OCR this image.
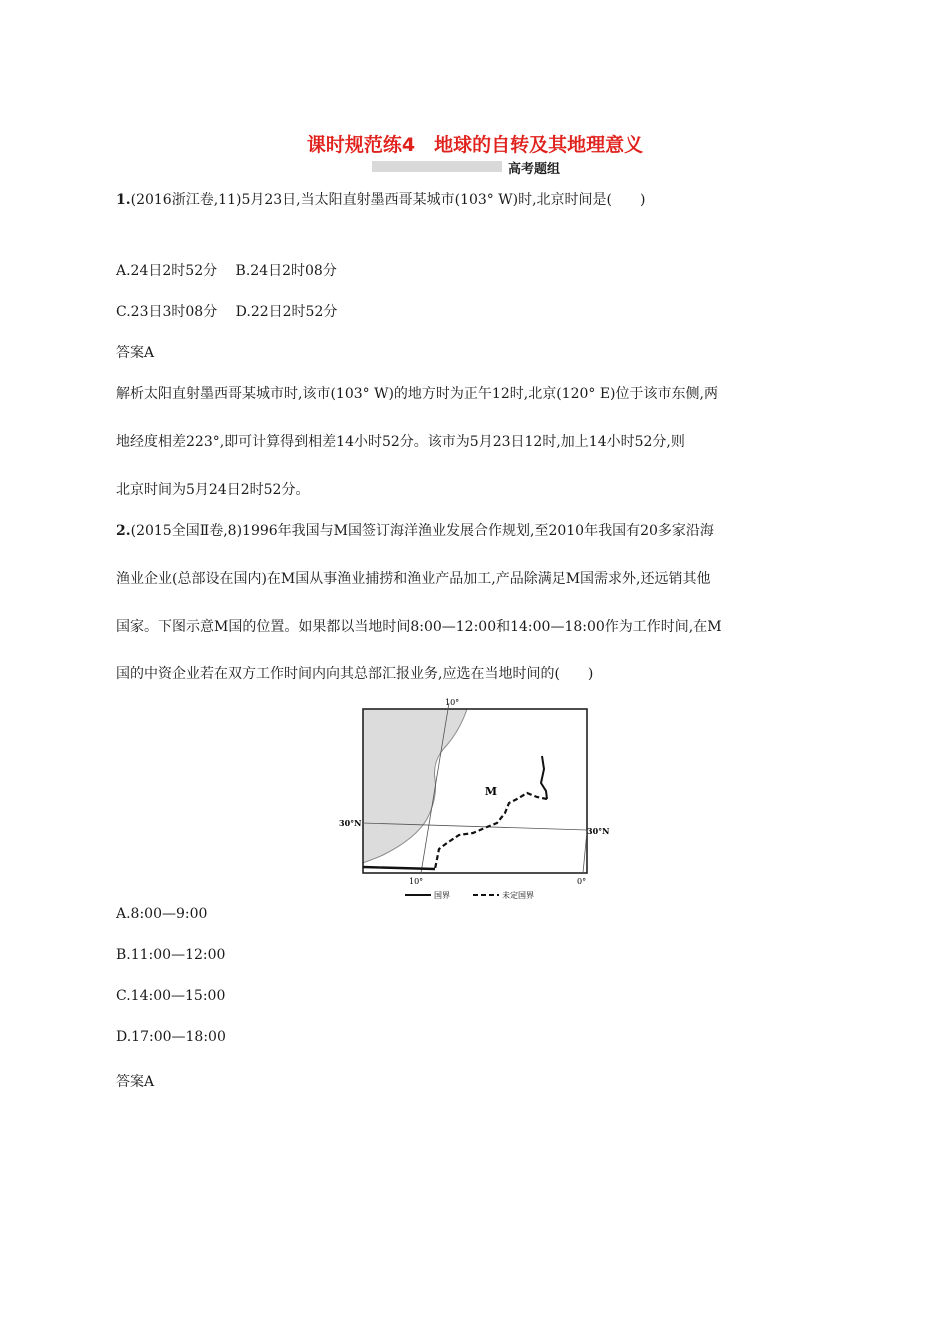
课时规范练4　地球的自转及其地理意义
高考题组
1.(2016浙江卷,11)5月23日,当太阳直射墨西哥某城市(103° W)时,北京时间是(　　)
A.24日2时52分　 B.24日2时08分
C.23日3时08分　 D.22日2时52分
答案A
解析太阳直射墨西哥某城市时,该市(103° W)的地方时为正午12时,北京(120° E)位于该市东侧,两
地经度相差223°,即可计算得到相差14小时52分。该市为5月23日12时,加上14小时52分,则
北京时间为5月24日2时52分。
2.(2015全国Ⅱ卷,8)1996年我国与M国签订海洋渔业发展合作规划,至2010年我国有20多家沿海
渔业企业(总部设在国内)在M国从事渔业捕捞和渔业产品加工,产品除满足M国需求外,还远销其他
国家。下图示意M国的位置。如果都以当地时间8:00—12:00和14:00—18:00作为工作时间,在M
国的中资企业若在双方工作时间内向其总部汇报业务,应选在当地时间的(　　)
M
10°
30°N
30°N
10°	0°
国界	未定国界
A.8:00—9:00
B.11:00—12:00
C.14:00—15:00
D.17:00—18:00
答案A
